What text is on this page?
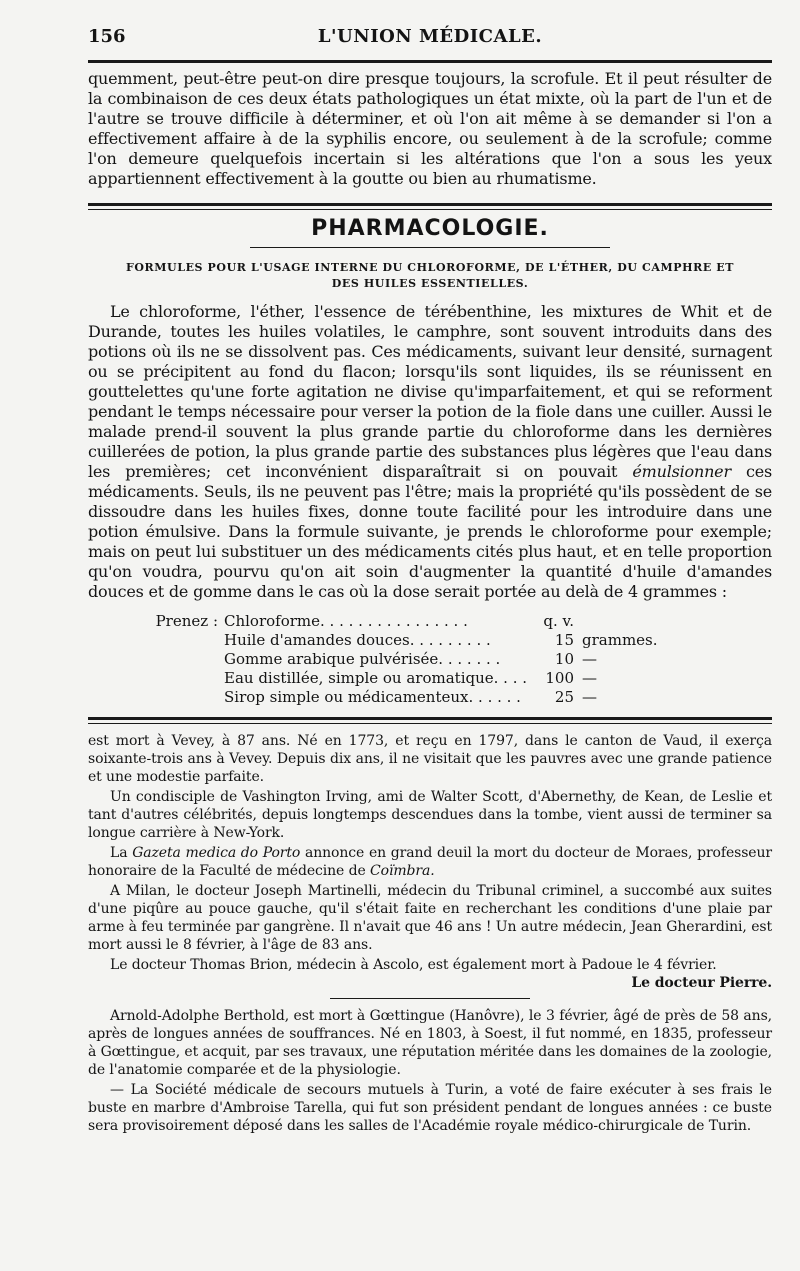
156	L'UNION MÉDICALE.

quemment, peut-être peut-on dire presque toujours, la scrofule. Et il peut résulter de la combinaison de ces deux états pathologiques un état mixte, où la part de l'un et de l'autre se trouve difficile à déterminer, et où l'on ait même à se demander si l'on a effectivement affaire à de la syphilis encore, ou seulement à de la scrofule; comme l'on demeure quelquefois incertain si les altérations que l'on a sous les yeux appartiennent effectivement à la goutte ou bien au rhumatisme.

PHARMACOLOGIE.
FORMULES POUR L'USAGE INTERNE DU CHLOROFORME, DE L'ÉTHER, DU CAMPHRE ET
DES HUILES ESSENTIELLES.

Le chloroforme, l'éther, l'essence de térébenthine, les mixtures de Whit et de Durande, toutes les huiles volatiles, le camphre, sont souvent introduits dans des potions où ils ne se dissolvent pas. Ces médicaments, suivant leur densité, surnagent ou se précipitent au fond du flacon; lorsqu'ils sont liquides, ils se réunissent en gouttelettes qu'une forte agitation ne divise qu'imparfaitement, et qui se reforment pendant le temps nécessaire pour verser la potion de la fiole dans une cuiller. Aussi le malade prend-il souvent la plus grande partie du chloroforme dans les dernières cuillerées de potion, la plus grande partie des substances plus légères que l'eau dans les premières; cet inconvénient disparaîtrait si on pouvait émulsionner ces médicaments. Seuls, ils ne peuvent pas l'être; mais la propriété qu'ils possèdent de se dissoudre dans les huiles fixes, donne toute facilité pour les introduire dans une potion émulsive. Dans la formule suivante, je prends le chloroforme pour exemple; mais on peut lui substituer un des médicaments cités plus haut, et en telle proportion qu'on voudra, pourvu qu'on ait soin d'augmenter la quantité d'huile d'amandes douces et de gomme dans le cas où la dose serait portée au delà de 4 grammes :

Prenez : Chloroforme. . . . . . . . . . . . . . . .	q. v.
Huile d'amandes douces. . . . . . . . .	15 grammes.
Gomme arabique pulvérisée. . . . . . .	10 —
Eau distillée, simple ou aromatique. . . .	100 —
Sirop simple ou médicamenteux. . . . . .	25 —

est mort à Vevey, à 87 ans. Né en 1773, et reçu en 1797, dans le canton de Vaud, il exerça soixante-trois ans à Vevey. Depuis dix ans, il ne visitait que les pauvres avec une grande patience et une modestie parfaite.

Un condisciple de Vashington Irving, ami de Walter Scott, d'Abernethy, de Kean, de Leslie et tant d'autres célébrités, depuis longtemps descendues dans la tombe, vient aussi de terminer sa longue carrière à New-York.

La Gazeta medica do Porto annonce en grand deuil la mort du docteur de Moraes, professeur honoraire de la Faculté de médecine de Coïmbra.

A Milan, le docteur Joseph Martinelli, médecin du Tribunal criminel, a succombé aux suites d'une piqûre au pouce gauche, qu'il s'était faite en recherchant les conditions d'une plaie par arme à feu terminée par gangrène. Il n'avait que 46 ans ! Un autre médecin, Jean Gherardini, est mort aussi le 8 février, à l'âge de 83 ans.

Le docteur Thomas Brion, médecin à Ascolo, est également mort à Padoue le 4 février.

Le docteur Pierre.

Arnold-Adolphe Berthold, est mort à Gœttingue (Hanôvre), le 3 février, âgé de près de 58 ans, après de longues années de souffrances. Né en 1803, à Soest, il fut nommé, en 1835, professeur à Gœttingue, et acquit, par ses travaux, une réputation méritée dans les domaines de la zoologie, de l'anatomie comparée et de la physiologie.

— La Société médicale de secours mutuels à Turin, a voté de faire exécuter à ses frais le buste en marbre d'Ambroise Tarella, qui fut son président pendant de longues années : ce buste sera provisoirement déposé dans les salles de l'Académie royale médico-chirurgicale de Turin.
